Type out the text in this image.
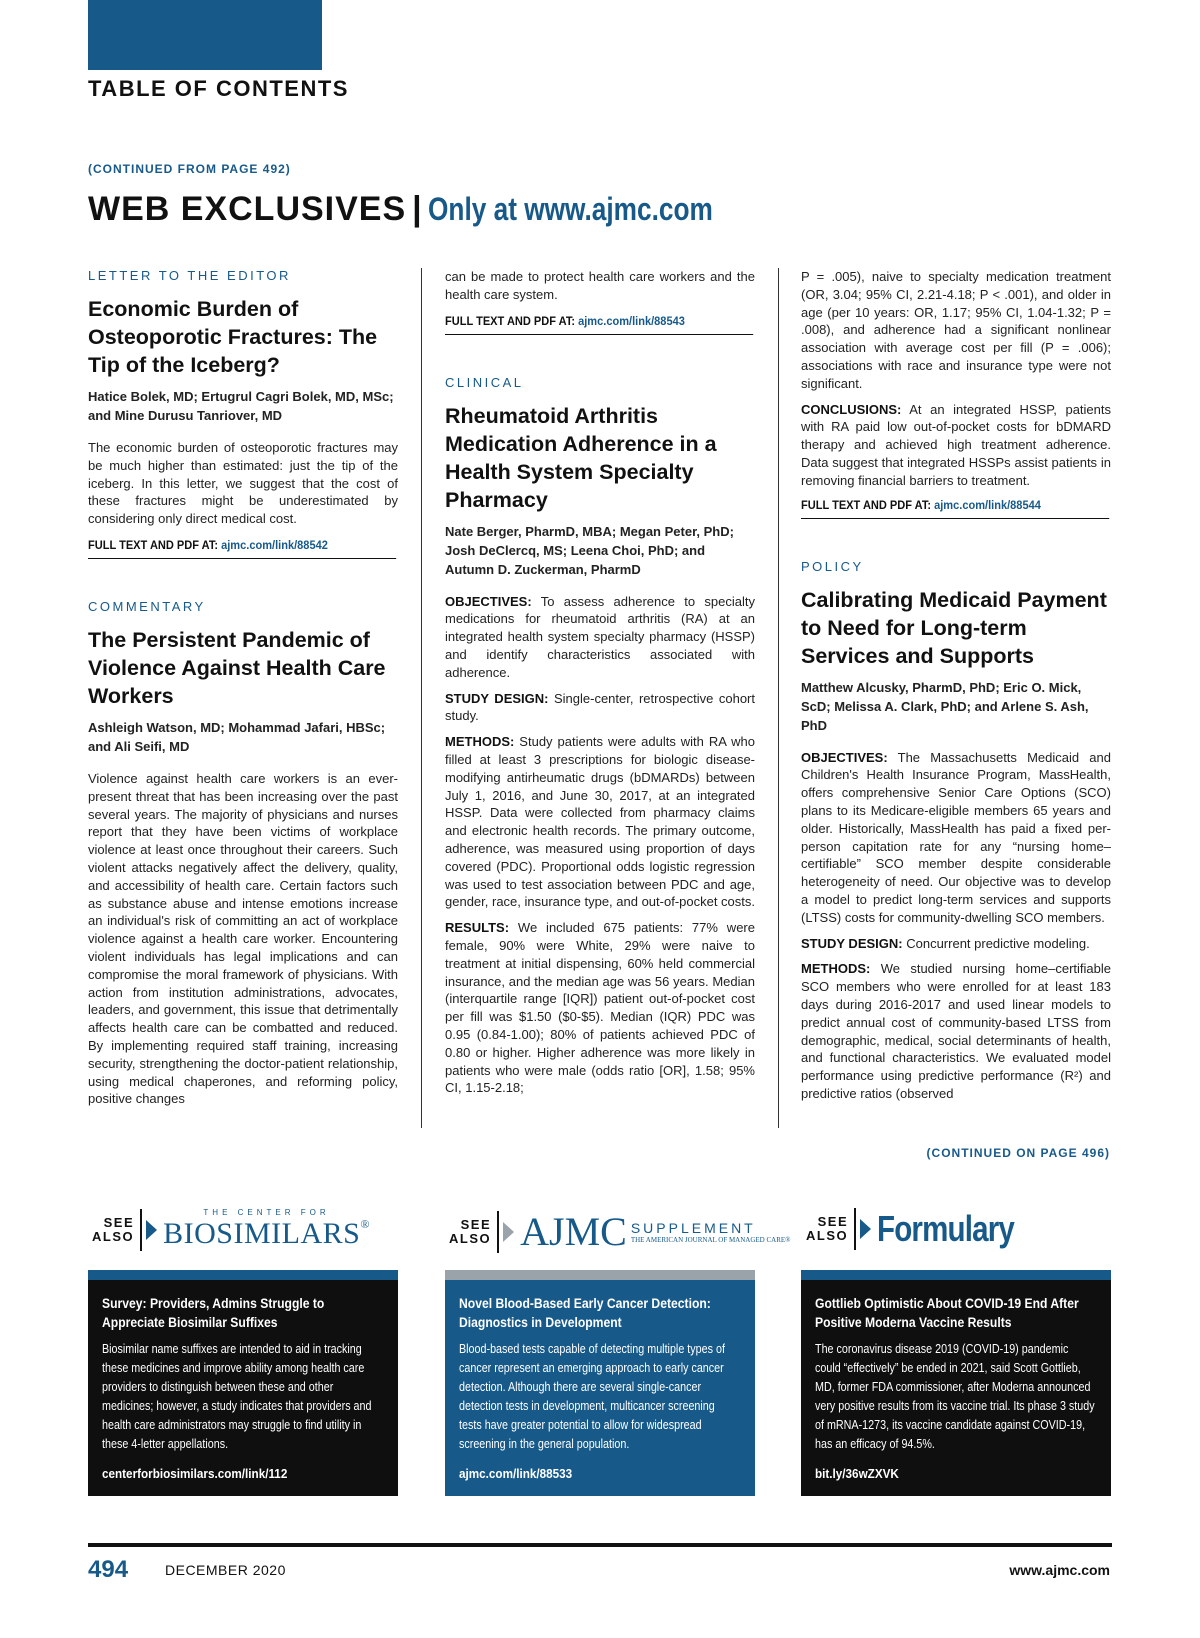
TABLE OF CONTENTS
(CONTINUED FROM PAGE 492)
WEB EXCLUSIVES | Only at www.ajmc.com
LETTER TO THE EDITOR
Economic Burden of Osteoporotic Fractures: The Tip of the Iceberg?
Hatice Bolek, MD; Ertugrul Cagri Bolek, MD, MSc; and Mine Durusu Tanriover, MD
The economic burden of osteoporotic fractures may be much higher than estimated: just the tip of the iceberg. In this letter, we suggest that the cost of these fractures might be underestimated by considering only direct medical cost.
FULL TEXT AND PDF AT: ajmc.com/link/88542
COMMENTARY
The Persistent Pandemic of Violence Against Health Care Workers
Ashleigh Watson, MD; Mohammad Jafari, HBSc; and Ali Seifi, MD
Violence against health care workers is an ever-present threat that has been increasing over the past several years. The majority of physicians and nurses report that they have been victims of workplace violence at least once throughout their careers. Such violent attacks negatively affect the delivery, quality, and accessibility of health care. Certain factors such as substance abuse and intense emotions increase an individual's risk of committing an act of workplace violence against a health care worker. Encountering violent individuals has legal implications and can compromise the moral framework of physicians. With action from institution administrations, advocates, leaders, and government, this issue that detrimentally affects health care can be combatted and reduced. By implementing required staff training, increasing security, strengthening the doctor-patient relationship, using medical chaperones, and reforming policy, positive changes
can be made to protect health care workers and the health care system.
FULL TEXT AND PDF AT: ajmc.com/link/88543
CLINICAL
Rheumatoid Arthritis Medication Adherence in a Health System Specialty Pharmacy
Nate Berger, PharmD, MBA; Megan Peter, PhD; Josh DeClercq, MS; Leena Choi, PhD; and Autumn D. Zuckerman, PharmD
OBJECTIVES: To assess adherence to specialty medications for rheumatoid arthritis (RA) at an integrated health system specialty pharmacy (HSSP) and identify characteristics associated with adherence.
STUDY DESIGN: Single-center, retrospective cohort study.
METHODS: Study patients were adults with RA who filled at least 3 prescriptions for biologic disease-modifying antirheumatic drugs (bDMARDs) between July 1, 2016, and June 30, 2017, at an integrated HSSP. Data were collected from pharmacy claims and electronic health records. The primary outcome, adherence, was measured using proportion of days covered (PDC). Proportional odds logistic regression was used to test association between PDC and age, gender, race, insurance type, and out-of-pocket costs.
RESULTS: We included 675 patients: 77% were female, 90% were White, 29% were naive to treatment at initial dispensing, 60% held commercial insurance, and the median age was 56 years. Median (interquartile range [IQR]) patient out-of-pocket cost per fill was $1.50 ($0-$5). Median (IQR) PDC was 0.95 (0.84-1.00); 80% of patients achieved PDC of 0.80 or higher. Higher adherence was more likely in patients who were male (odds ratio [OR], 1.58; 95% CI, 1.15-2.18;
P = .005), naive to specialty medication treatment (OR, 3.04; 95% CI, 2.21-4.18; P < .001), and older in age (per 10 years: OR, 1.17; 95% CI, 1.04-1.32; P = .008), and adherence had a significant nonlinear association with average cost per fill (P = .006); associations with race and insurance type were not significant.
CONCLUSIONS: At an integrated HSSP, patients with RA paid low out-of-pocket costs for bDMARD therapy and achieved high treatment adherence. Data suggest that integrated HSSPs assist patients in removing financial barriers to treatment.
FULL TEXT AND PDF AT: ajmc.com/link/88544
POLICY
Calibrating Medicaid Payment to Need for Long-term Services and Supports
Matthew Alcusky, PharmD, PhD; Eric O. Mick, ScD; Melissa A. Clark, PhD; and Arlene S. Ash, PhD
OBJECTIVES: The Massachusetts Medicaid and Children's Health Insurance Program, MassHealth, offers comprehensive Senior Care Options (SCO) plans to its Medicare-eligible members 65 years and older. Historically, MassHealth has paid a fixed per-person capitation rate for any “nursing home–certifiable” SCO member despite considerable heterogeneity of need. Our objective was to develop a model to predict long-term services and supports (LTSS) costs for community-dwelling SCO members.
STUDY DESIGN: Concurrent predictive modeling.
METHODS: We studied nursing home–certifiable SCO members who were enrolled for at least 183 days during 2016-2017 and used linear models to predict annual cost of community-based LTSS from demographic, medical, social determinants of health, and functional characteristics. We evaluated model performance using predictive performance (R²) and predictive ratios (observed
(CONTINUED ON PAGE 496)
SEE
ALSO
THE CENTER FOR
BIOSIMILARS®	SEE
ALSO AJMC SUPPLEMENT
THE AMERICAN JOURNAL OF MANAGED CARE®
SEE
ALSO Formulary
Survey: Providers, Admins Struggle to Appreciate Biosimilar Suffixes
Biosimilar name suffixes are intended to aid in tracking these medicines and improve ability among health care providers to distinguish between these and other medicines; however, a study indicates that providers and health care administrators may struggle to find utility in these 4-letter appellations.
centerforbiosimilars.com/link/112
Novel Blood-Based Early Cancer Detection: Diagnostics in Development
Blood-based tests capable of detecting multiple types of cancer represent an emerging approach to early cancer detection. Although there are several single-cancer detection tests in development, multicancer screening tests have greater potential to allow for widespread screening in the general population.
ajmc.com/link/88533
Gottlieb Optimistic About COVID-19 End After Positive Moderna Vaccine Results
The coronavirus disease 2019 (COVID-19) pandemic could “effectively” be ended in 2021, said Scott Gottlieb, MD, former FDA commissioner, after Moderna announced very positive results from its vaccine trial. Its phase 3 study of mRNA-1273, its vaccine candidate against COVID-19, has an efficacy of 94.5%.
bit.ly/36wZXVK
494	DECEMBER 2020	www.ajmc.com
